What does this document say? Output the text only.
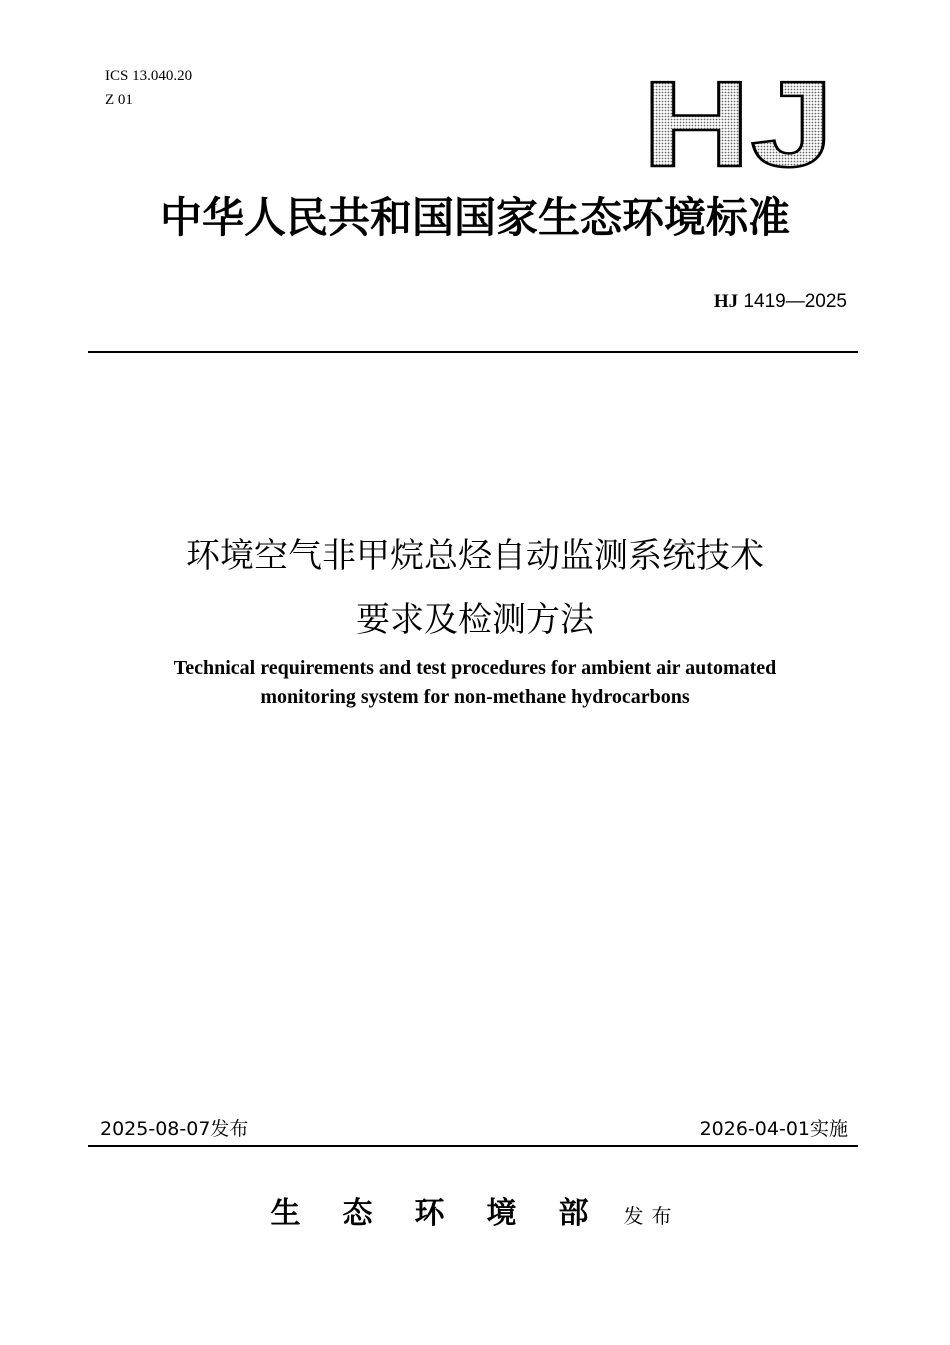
ICS 13.040.20
Z 01	HJ
中华人民共和国国家生态环境标准
HJ 1419—2025
环境空气非甲烷总烃自动监测系统技术
要求及检测方法
Technical requirements and test procedures for ambient air automated
monitoring system for non-methane hydrocarbons
2025-08-07发布	2026-04-01实施
生态环境部 发布
